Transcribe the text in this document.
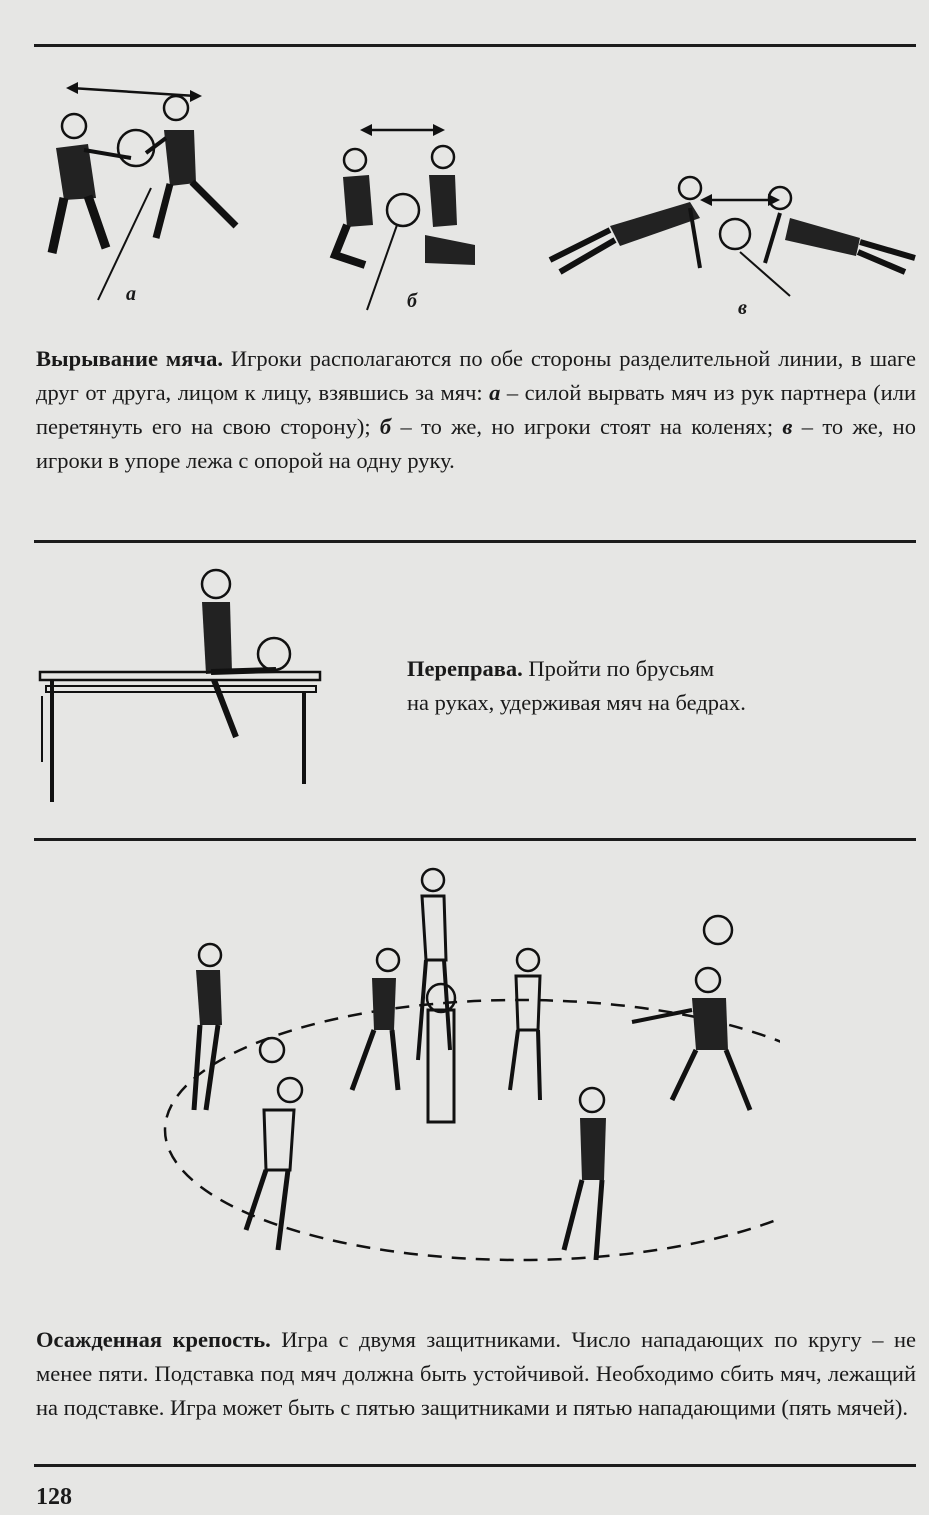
а	б	в

Вырывание мяча. Игроки располагаются по обе стороны разделительной линии, в шаге друг от друга, лицом к лицу, взявшись за мяч: а – силой вырвать мяч из рук партнера (или перетянуть его на свою сторону); б – то же, но игроки стоят на коленях; в – то же, но игроки в упоре лежа с опорой на одну руку.

Переправа. Пройти по брусьям
на руках, удерживая мяч на бедрах.

Осажденная крепость. Игра с двумя защитниками. Число нападающих по кругу – не менее пяти. Подставка под мяч должна быть устойчивой. Необходимо сбить мяч, лежащий на подставке. Игра может быть с пятью защитниками и пятью нападающими (пять мячей).

128
